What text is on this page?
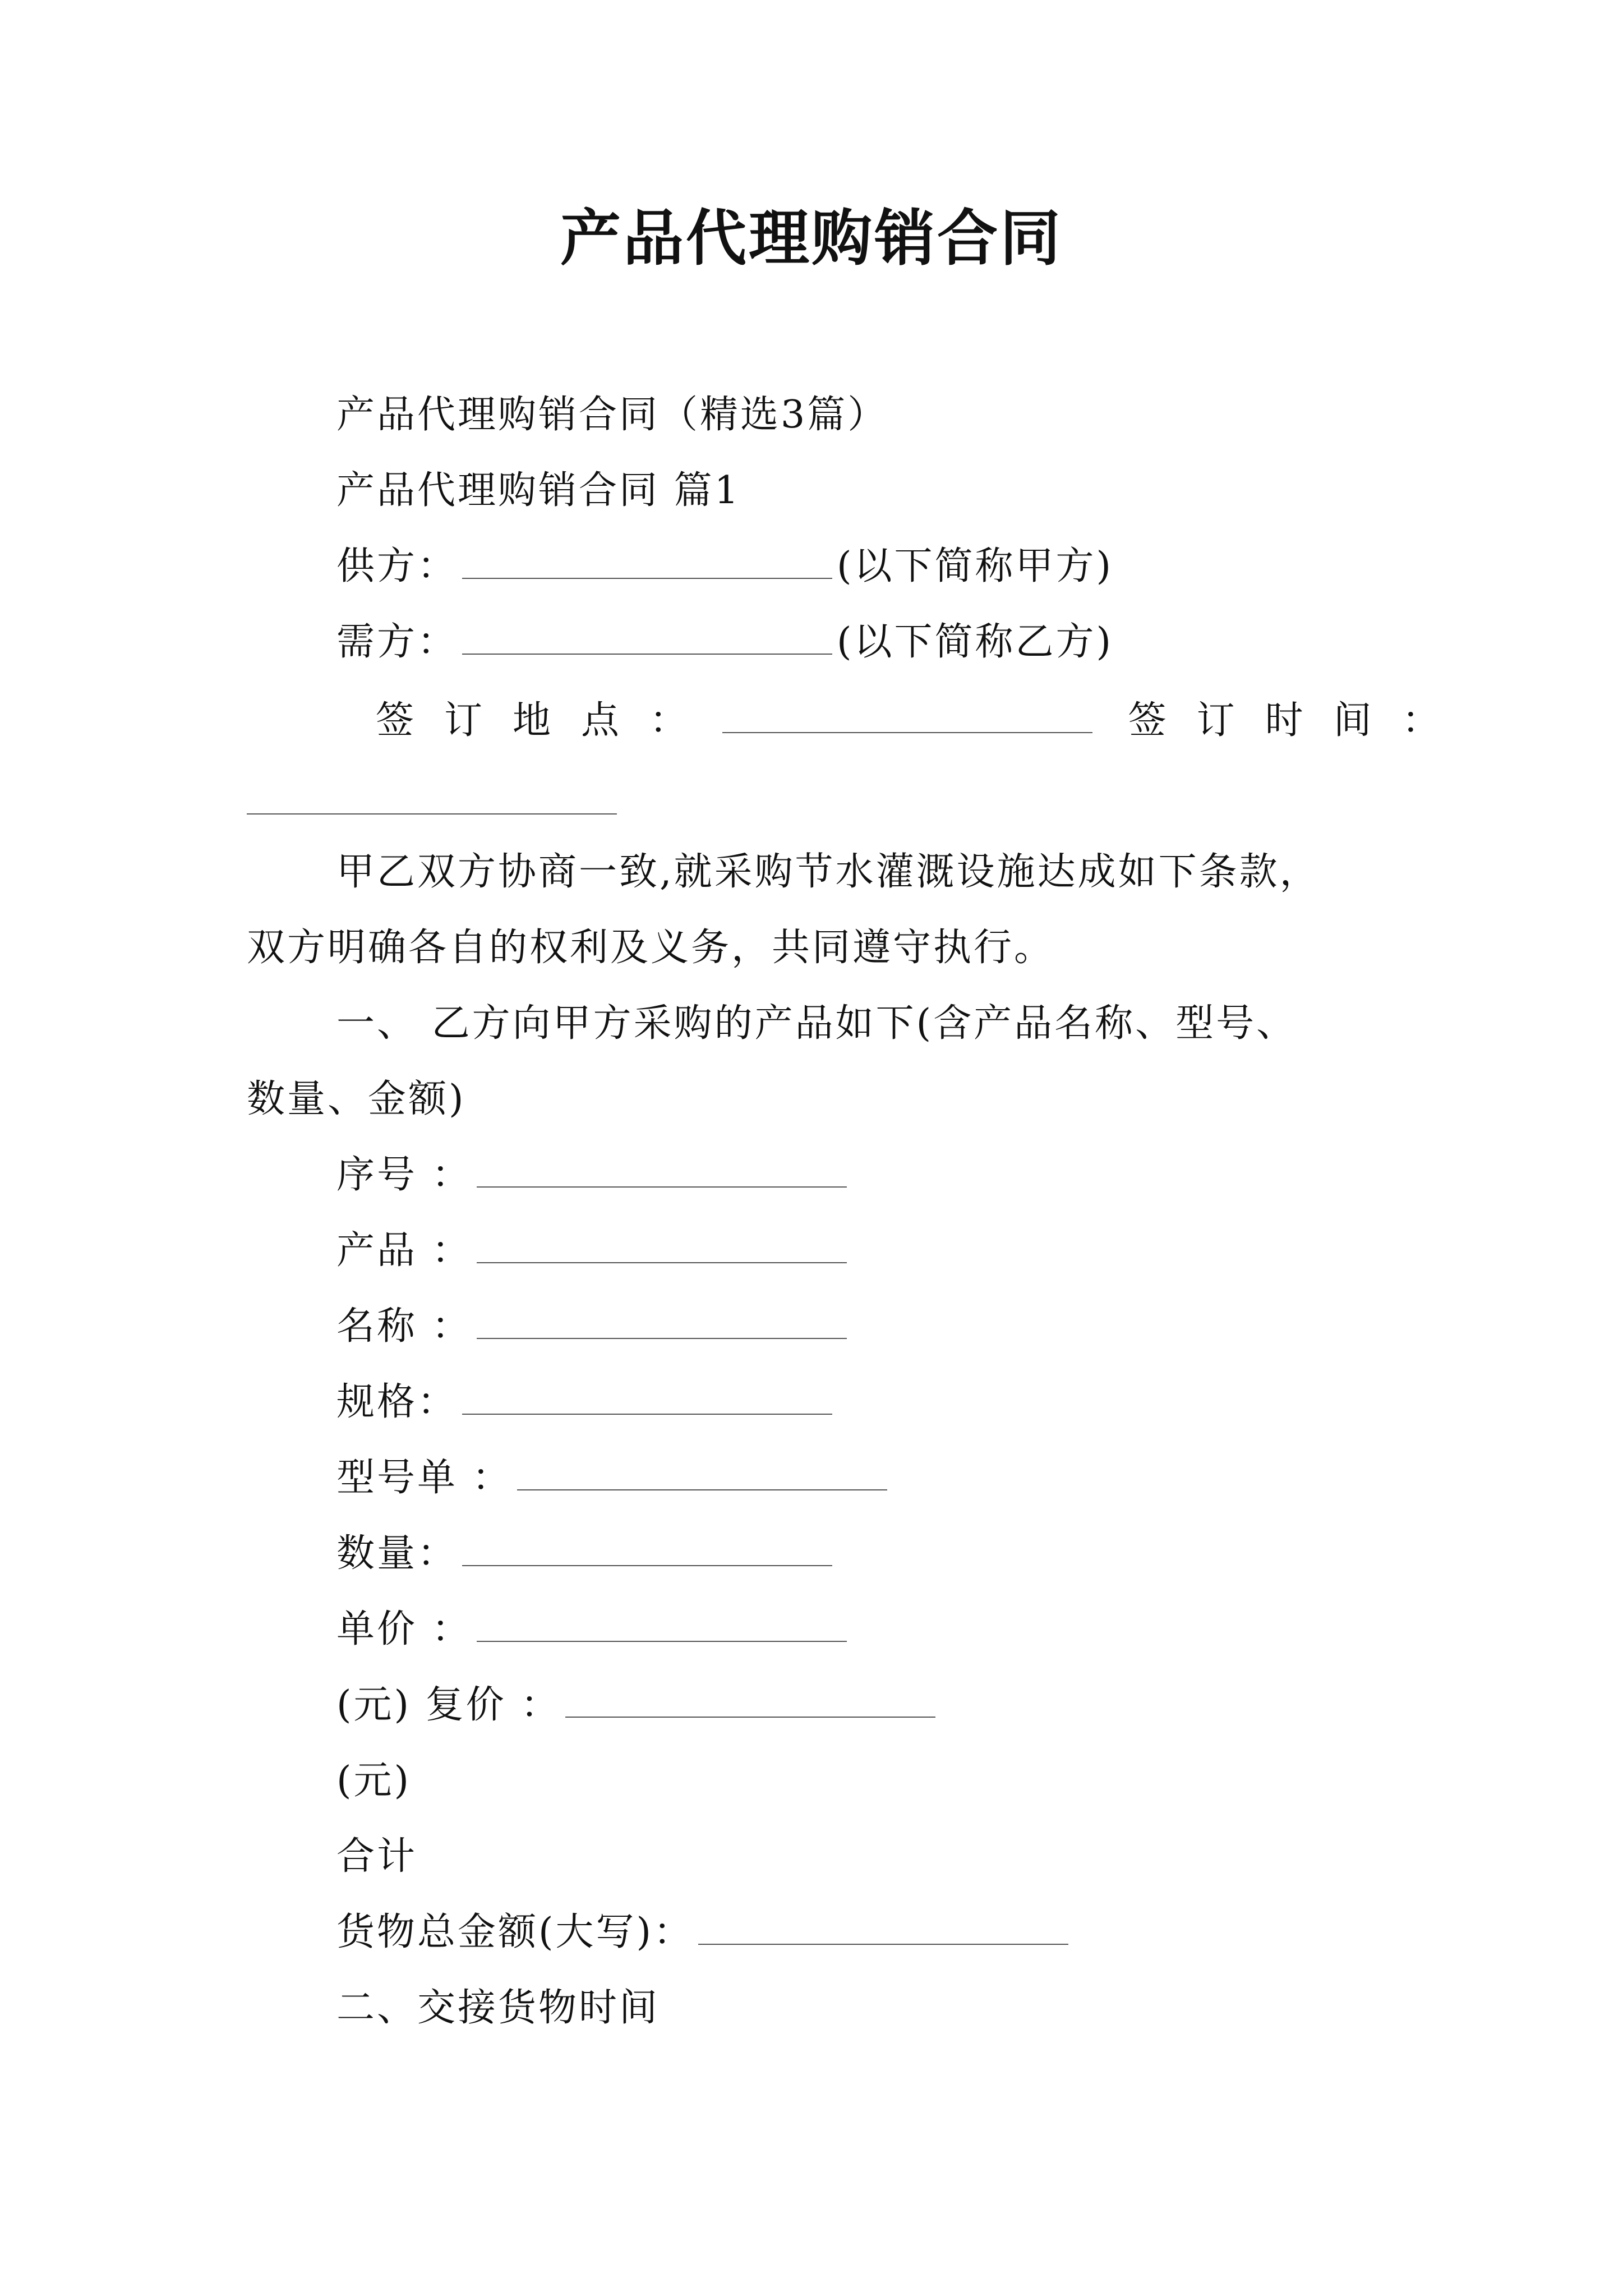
产品代理购销合同
产品代理购销合同（精选3篇）
产品代理购销合同 篇1
供方：	(以下简称甲方)
需方：	(以下简称乙方)
签订地点：	签订时间：
甲乙双方协商一致,就采购节水灌溉设施达成如下条款，
双方明确各自的权利及义务，共同遵守执行。
一、 乙方向甲方采购的产品如下(含产品名称、型号、
数量、金额)
序号 ：
产品 ：
名称 ：
规格：
型号单 ：
数量：
单价 ：
(元) 复价 ：
(元)
合计
货物总金额(大写)：
二、交接货物时间
